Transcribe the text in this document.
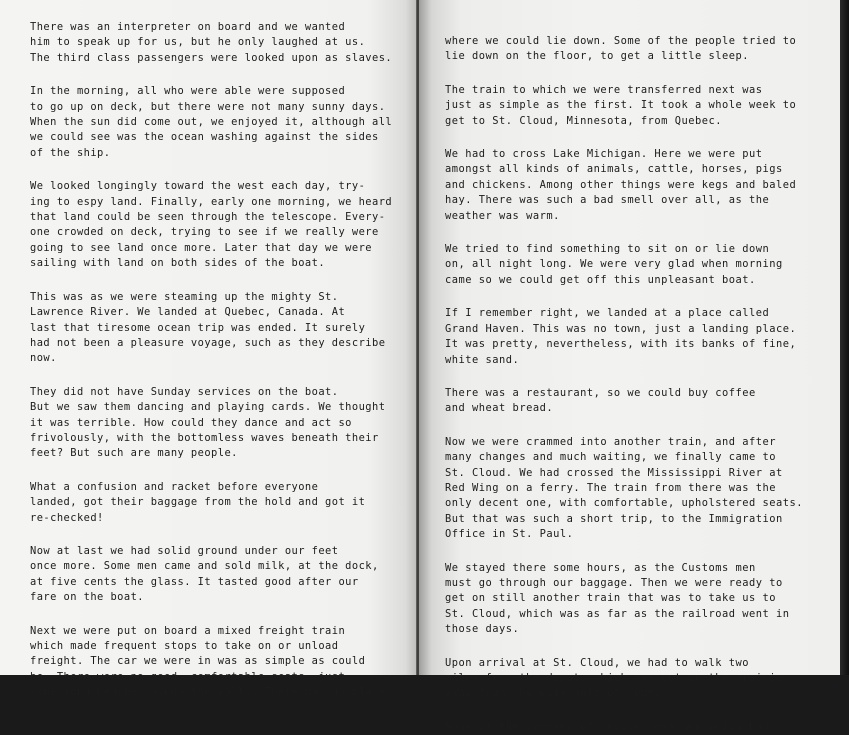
There was an interpreter on board and we wanted
him to speak up for us, but he only laughed at us.
The third class passengers were looked upon as slaves.

In the morning, all who were able were supposed
to go up on deck, but there were not many sunny days.
When the sun did come out, we enjoyed it, although all
we could see was the ocean washing against the sides
of the ship.

We looked longingly toward the west each day, try-
ing to espy land. Finally, early one morning, we heard
that land could be seen through the telescope. Every-
one crowded on deck, trying to see if we really were
going to see land once more. Later that day we were
sailing with land on both sides of the boat.

This was as we were steaming up the mighty St.
Lawrence River. We landed at Quebec, Canada. At
last that tiresome ocean trip was ended. It surely
had not been a pleasure voyage, such as they describe
now.

They did not have Sunday services on the boat.
But we saw them dancing and playing cards. We thought
it was terrible. How could they dance and act so
frivolously, with the bottomless waves beneath their
feet? But such are many people.

What a confusion and racket before everyone
landed, got their baggage from the hold and got it
re-checked!

Now at last we had solid ground under our feet
once more. Some men came and sold milk, at the dock,
at five cents the glass. It tasted good after our
fare on the boat.

Next we were put on board a mixed freight train
which made frequent stops to take on or unload
freight. The car we were in was as simple as could
be. There were no good, comfortable seats, just
some long benches along the walls. There was no place

where we could lie down. Some of the people tried to
lie down on the floor, to get a little sleep.

The train to which we were transferred next was
just as simple as the first. It took a whole week to
get to St. Cloud, Minnesota, from Quebec.

We had to cross Lake Michigan. Here we were put
amongst all kinds of animals, cattle, horses, pigs
and chickens. Among other things were kegs and baled
hay. There was such a bad smell over all, as the
weather was warm.

We tried to find something to sit on or lie down
on, all night long. We were very glad when morning
came so we could get off this unpleasant boat.

If I remember right, we landed at a place called
Grand Haven. This was no town, just a landing place.
It was pretty, nevertheless, with its banks of fine,
white sand.

There was a restaurant, so we could buy coffee
and wheat bread.

Now we were crammed into another train, and after
many changes and much waiting, we finally came to
St. Cloud. We had crossed the Mississippi River at
Red Wing on a ferry. The train from there was the
only decent one, with comfortable, upholstered seats.
But that was such a short trip, to the Immigration
Office in St. Paul.

We stayed there some hours, as the Customs men
must go through our baggage. Then we were ready to
get on still another train that was to take us to
St. Cloud, which was as far as the railroad went in
those days.

Upon arrival at St. Cloud, we had to walk two
miles from the depot, which was out on the prairie,
away from the main part of town.

None of the company of people remained which had
